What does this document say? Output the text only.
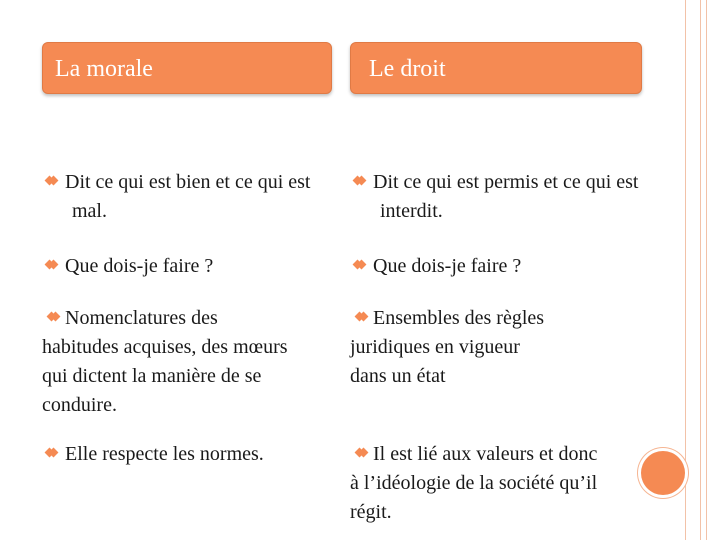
La morale
Dit ce qui est bien et ce qui est mal.
Que dois-je faire ?
Nomenclatures des habitudes acquises, des mœurs qui dictent la manière de se conduire.
Elle respecte les normes.
Le droit
Dit ce qui est permis et ce qui est interdit.
Que dois-je faire ?
Ensembles des règles juridiques en vigueur dans un état
Il est lié aux valeurs et donc à l’idéologie de la société qu’il régit.
